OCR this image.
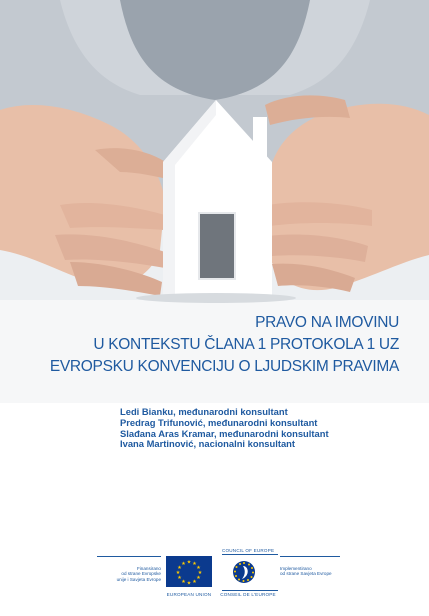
PRAVO NA IMOVINU
U KONTEKSTU ČLANA 1 PROTOKOLA 1 UZ
EVROPSKU KONVENCIJU O LJUDSKIM PRAVIMA
Ledi Bianku, međunarodni konsultant
Predrag Trifunović, međunarodni konsultant
Slađana Aras Kramar, međunarodni konsultant
Ivana Martinović, nacionalni konsultant
Finansirano
od strane Evropske
unije i Savjeta Evrope
★ ★
★
★
★
★
★
★
★
★
★
★
EUROPEAN UNION
COUNCIL OF EUROPE
CONSEIL DE L'EUROPE
Implementirano
od strane Savjeta Evrope
